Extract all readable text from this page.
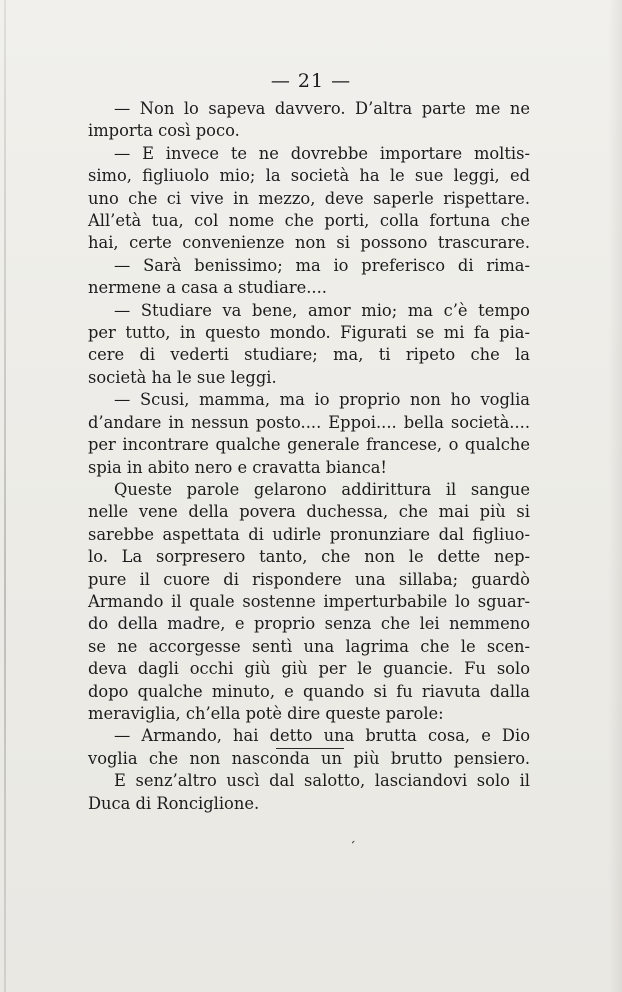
— 21 —
— Non lo sapeva davvero. D’altra parte me ne
importa così poco.
— E invece te ne dovrebbe importare moltis-
simo, figliuolo mio; la società ha le sue leggi, ed
uno che ci vive in mezzo, deve saperle rispettare.
All’età tua, col nome che porti, colla fortuna che
hai, certe convenienze non si possono trascurare.
— Sarà benissimo; ma io preferisco di rima-
nermene a casa a studiare....
— Studiare va bene, amor mio; ma c’è tempo
per tutto, in questo mondo. Figurati se mi fa pia-
cere di vederti studiare; ma, ti ripeto che la
società ha le sue leggi.
— Scusi, mamma, ma io proprio non ho voglia
d’andare in nessun posto.... Eppoi.... bella società....
per incontrare qualche generale francese, o qualche
spia in abito nero e cravatta bianca!
Queste parole gelarono addirittura il sangue
nelle vene della povera duchessa, che mai più si
sarebbe aspettata di udirle pronunziare dal figliuo-
lo. La sorpresero tanto, che non le dette nep-
pure il cuore di rispondere una sillaba; guardò
Armando il quale sostenne imperturbabile lo sguar-
do della madre, e proprio senza che lei nemmeno
se ne accorgesse sentì una lagrima che le scen-
deva dagli occhi giù giù per le guancie. Fu solo
dopo qualche minuto, e quando si fu riavuta dalla
meraviglia, ch’ella potè dire queste parole:
— Armando, hai detto una brutta cosa, e Dio
voglia che non nasconda un più brutto pensiero.
E senz’altro uscì dal salotto, lasciandovi solo il
Duca di Ronciglione.
ʻ
